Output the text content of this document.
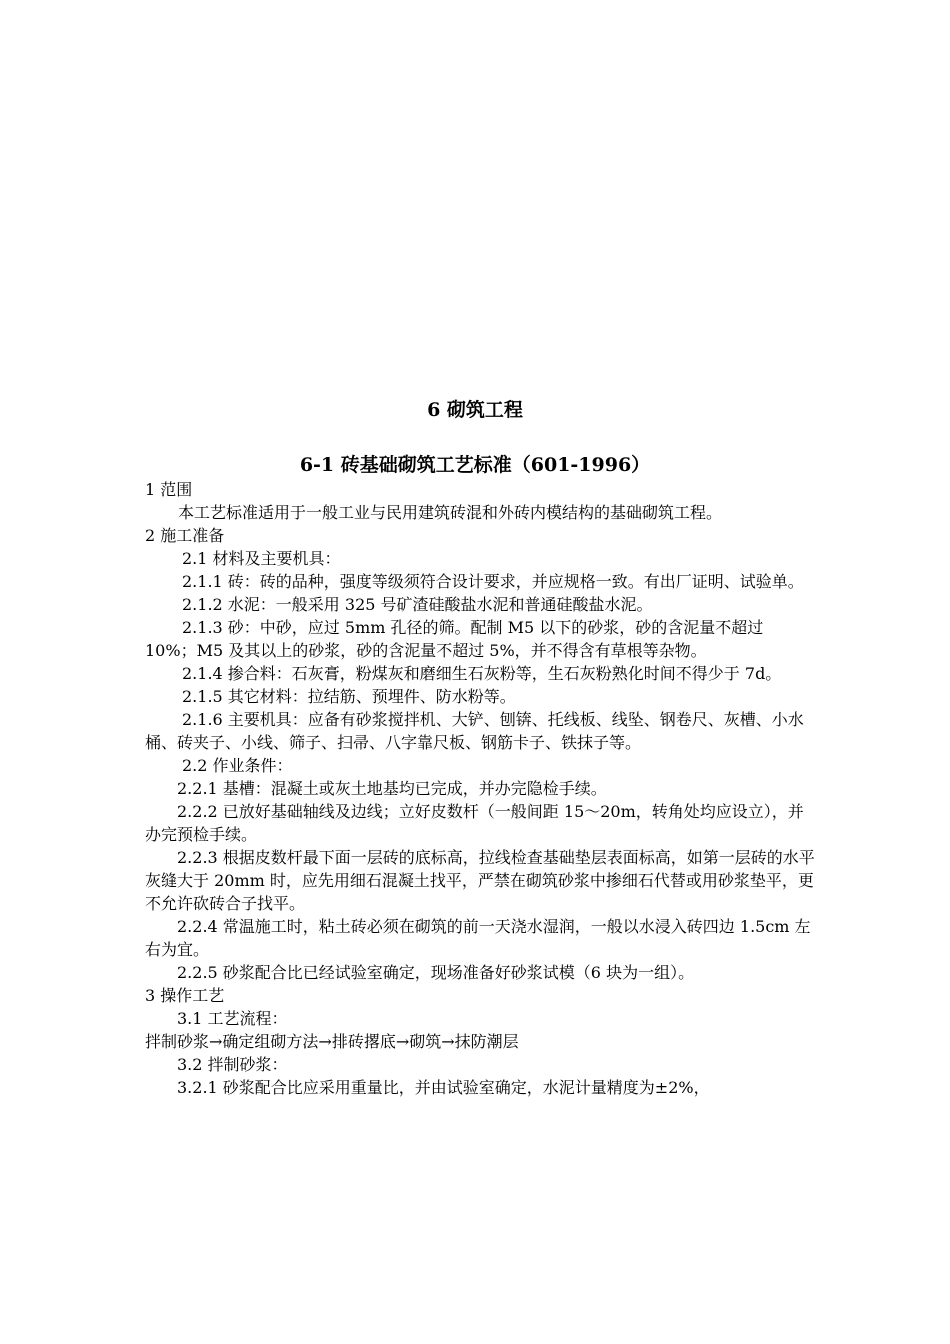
6 砌筑工程
6-1 砖基础砌筑工艺标准（601-1996）

1 范围

本工艺标准适用于一般工业与民用建筑砖混和外砖内模结构的基础砌筑工程。

2 施工准备

2.1 材料及主要机具：

2.1.1 砖：砖的品种，强度等级须符合设计要求，并应规格一致。有出厂证明、试验单。

2.1.2 水泥：一般采用 325 号矿渣硅酸盐水泥和普通硅酸盐水泥。

2.1.3 砂：中砂，应过 5mm 孔径的筛。配制 M5 以下的砂浆，砂的含泥量不超过 10%；M5 及其以上的砂浆，砂的含泥量不超过 5%，并不得含有草根等杂物。

2.1.4 掺合料：石灰膏，粉煤灰和磨细生石灰粉等，生石灰粉熟化时间不得少于 7d。

2.1.5 其它材料：拉结筋、预埋件、防水粉等。

2.1.6 主要机具：应备有砂浆搅拌机、大铲、刨锛、托线板、线坠、钢卷尺、灰槽、小水桶、砖夹子、小线、筛子、扫帚、八字靠尺板、钢筋卡子、铁抹子等。

2.2 作业条件：

2.2.1 基槽：混凝土或灰土地基均已完成，并办完隐检手续。

2.2.2 已放好基础轴线及边线；立好皮数杆（一般间距 15～20m，转角处均应设立），并办完预检手续。

2.2.3 根据皮数杆最下面一层砖的底标高，拉线检查基础垫层表面标高，如第一层砖的水平灰缝大于 20mm 时，应先用细石混凝土找平，严禁在砌筑砂浆中掺细石代替或用砂浆垫平，更不允许砍砖合子找平。

2.2.4 常温施工时，粘土砖必须在砌筑的前一天浇水湿润，一般以水浸入砖四边 1.5cm 左右为宜。

2.2.5 砂浆配合比已经试验室确定，现场准备好砂浆试模（6 块为一组）。

3 操作工艺

3.1 工艺流程：

拌制砂浆→确定组砌方法→排砖撂底→砌筑→抹防潮层

3.2 拌制砂浆：

3.2.1 砂浆配合比应采用重量比，并由试验室确定，水泥计量精度为±2%，
